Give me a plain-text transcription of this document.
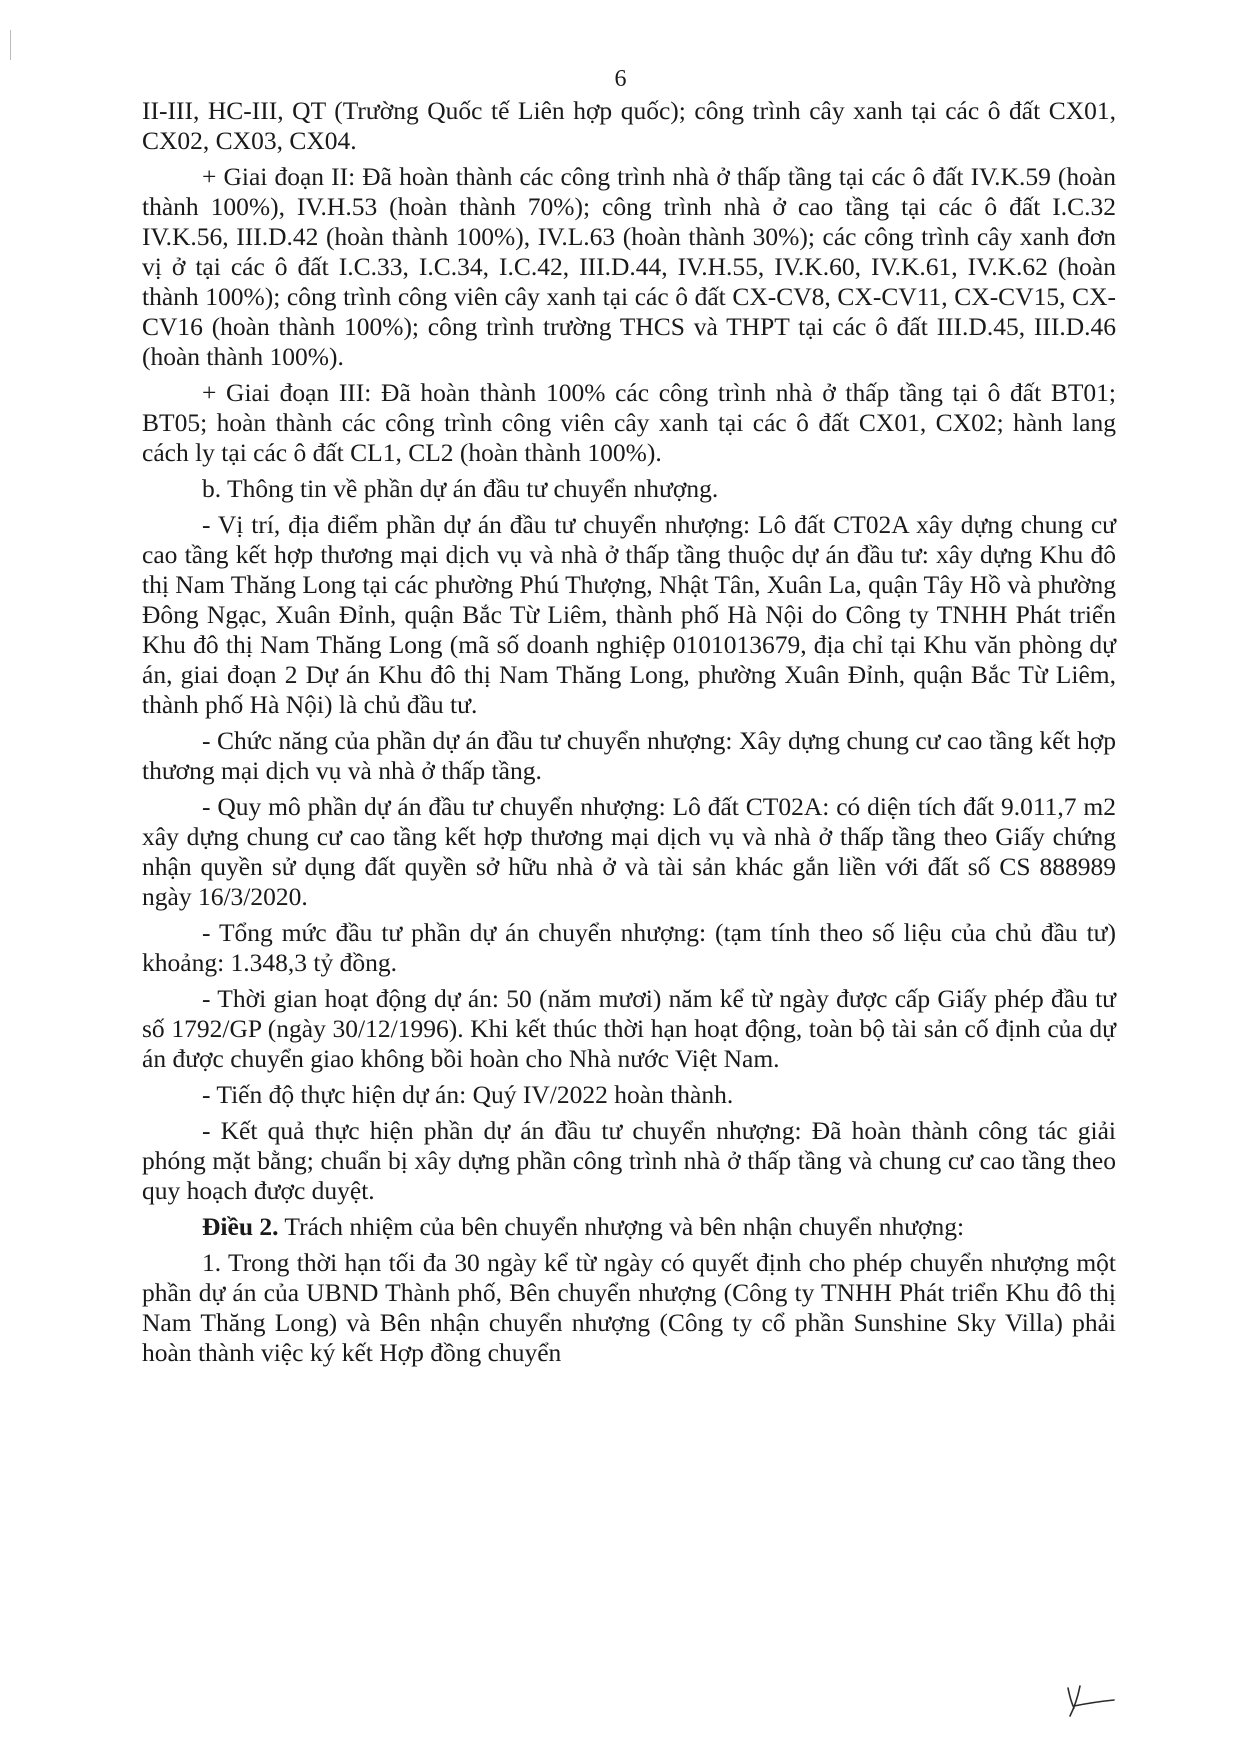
6

II-III, HC-III, QT (Trường Quốc tế Liên hợp quốc); công trình cây xanh tại các ô đất CX01, CX02, CX03, CX04.

+ Giai đoạn II: Đã hoàn thành các công trình nhà ở thấp tầng tại các ô đất IV.K.59 (hoàn thành 100%), IV.H.53 (hoàn thành 70%); công trình nhà ở cao tầng tại các ô đất I.C.32 IV.K.56, III.D.42 (hoàn thành 100%), IV.L.63 (hoàn thành 30%); các công trình cây xanh đơn vị ở tại các ô đất I.C.33, I.C.34, I.C.42, III.D.44, IV.H.55, IV.K.60, IV.K.61, IV.K.62 (hoàn thành 100%); công trình công viên cây xanh tại các ô đất CX-CV8, CX-CV11, CX-CV15, CX-CV16 (hoàn thành 100%); công trình trường THCS và THPT tại các ô đất III.D.45, III.D.46 (hoàn thành 100%).

+ Giai đoạn III: Đã hoàn thành 100% các công trình nhà ở thấp tầng tại ô đất BT01; BT05; hoàn thành các công trình công viên cây xanh tại các ô đất CX01, CX02; hành lang cách ly tại các ô đất CL1, CL2 (hoàn thành 100%).

b. Thông tin về phần dự án đầu tư chuyển nhượng.

- Vị trí, địa điểm phần dự án đầu tư chuyển nhượng: Lô đất CT02A xây dựng chung cư cao tầng kết hợp thương mại dịch vụ và nhà ở thấp tầng thuộc dự án đầu tư: xây dựng Khu đô thị Nam Thăng Long tại các phường Phú Thượng, Nhật Tân, Xuân La, quận Tây Hồ và phường Đông Ngạc, Xuân Đỉnh, quận Bắc Từ Liêm, thành phố Hà Nội do Công ty TNHH Phát triển Khu đô thị Nam Thăng Long (mã số doanh nghiệp 0101013679, địa chỉ tại Khu văn phòng dự án, giai đoạn 2 Dự án Khu đô thị Nam Thăng Long, phường Xuân Đỉnh, quận Bắc Từ Liêm, thành phố Hà Nội) là chủ đầu tư.

- Chức năng của phần dự án đầu tư chuyển nhượng: Xây dựng chung cư cao tầng kết hợp thương mại dịch vụ và nhà ở thấp tầng.

- Quy mô phần dự án đầu tư chuyển nhượng: Lô đất CT02A: có diện tích đất 9.011,7 m2 xây dựng chung cư cao tầng kết hợp thương mại dịch vụ và nhà ở thấp tầng theo Giấy chứng nhận quyền sử dụng đất quyền sở hữu nhà ở và tài sản khác gắn liền với đất số CS 888989 ngày 16/3/2020.

- Tổng mức đầu tư phần dự án chuyển nhượng: (tạm tính theo số liệu của chủ đầu tư) khoảng: 1.348,3 tỷ đồng.

- Thời gian hoạt động dự án: 50 (năm mươi) năm kể từ ngày được cấp Giấy phép đầu tư số 1792/GP (ngày 30/12/1996). Khi kết thúc thời hạn hoạt động, toàn bộ tài sản cố định của dự án được chuyển giao không bồi hoàn cho Nhà nước Việt Nam.

- Tiến độ thực hiện dự án: Quý IV/2022 hoàn thành.

- Kết quả thực hiện phần dự án đầu tư chuyển nhượng: Đã hoàn thành công tác giải phóng mặt bằng; chuẩn bị xây dựng phần công trình nhà ở thấp tầng và chung cư cao tầng theo quy hoạch được duyệt.

Điều 2. Trách nhiệm của bên chuyển nhượng và bên nhận chuyển nhượng:

1. Trong thời hạn tối đa 30 ngày kể từ ngày có quyết định cho phép chuyển nhượng một phần dự án của UBND Thành phố, Bên chuyển nhượng (Công ty TNHH Phát triển Khu đô thị Nam Thăng Long) và Bên nhận chuyển nhượng (Công ty cổ phần Sunshine Sky Villa) phải hoàn thành việc ký kết Hợp đồng chuyển
